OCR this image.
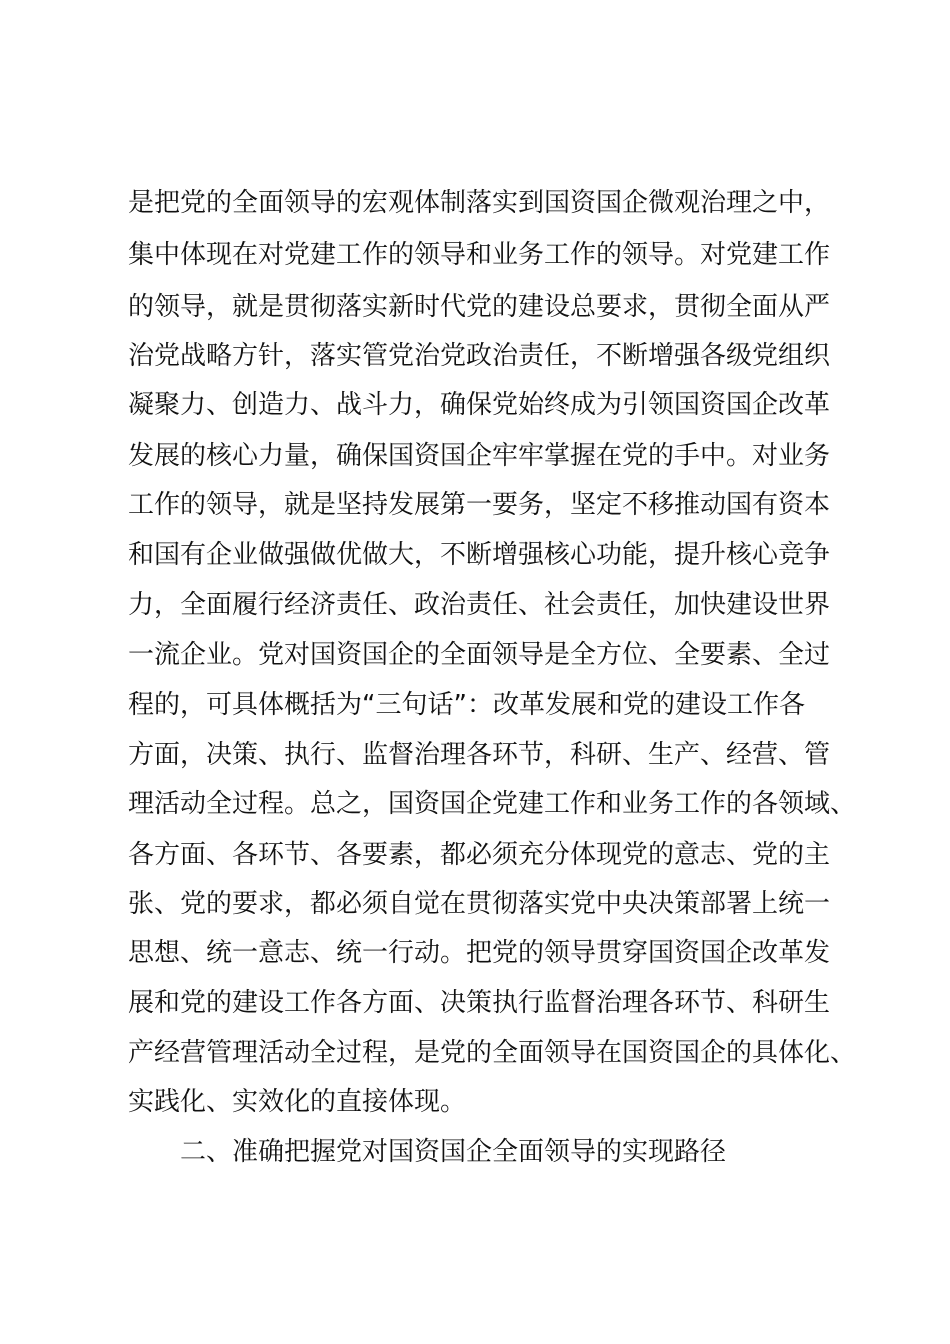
是把党的全面领导的宏观体制落实到国资国企微观治理之中，
集中体现在对党建工作的领导和业务工作的领导。对党建工作
的领导，就是贯彻落实新时代党的建设总要求，贯彻全面从严
治党战略方针，落实管党治党政治责任，不断增强各级党组织
凝聚力、创造力、战斗力，确保党始终成为引领国资国企改革
发展的核心力量，确保国资国企牢牢掌握在党的手中。对业务
工作的领导，就是坚持发展第一要务，坚定不移推动国有资本
和国有企业做强做优做大，不断增强核心功能，提升核心竞争
力，全面履行经济责任、政治责任、社会责任，加快建设世界
一流企业。党对国资国企的全面领导是全方位、全要素、全过
程的，可具体概括为“三句话”：改革发展和党的建设工作各
方面，决策、执行、监督治理各环节，科研、生产、经营、管
理活动全过程。总之，国资国企党建工作和业务工作的各领域、
各方面、各环节、各要素，都必须充分体现党的意志、党的主
张、党的要求，都必须自觉在贯彻落实党中央决策部署上统一
思想、统一意志、统一行动。把党的领导贯穿国资国企改革发
展和党的建设工作各方面、决策执行监督治理各环节、科研生
产经营管理活动全过程，是党的全面领导在国资国企的具体化、
实践化、实效化的直接体现。
二、准确把握党对国资国企全面领导的实现路径
